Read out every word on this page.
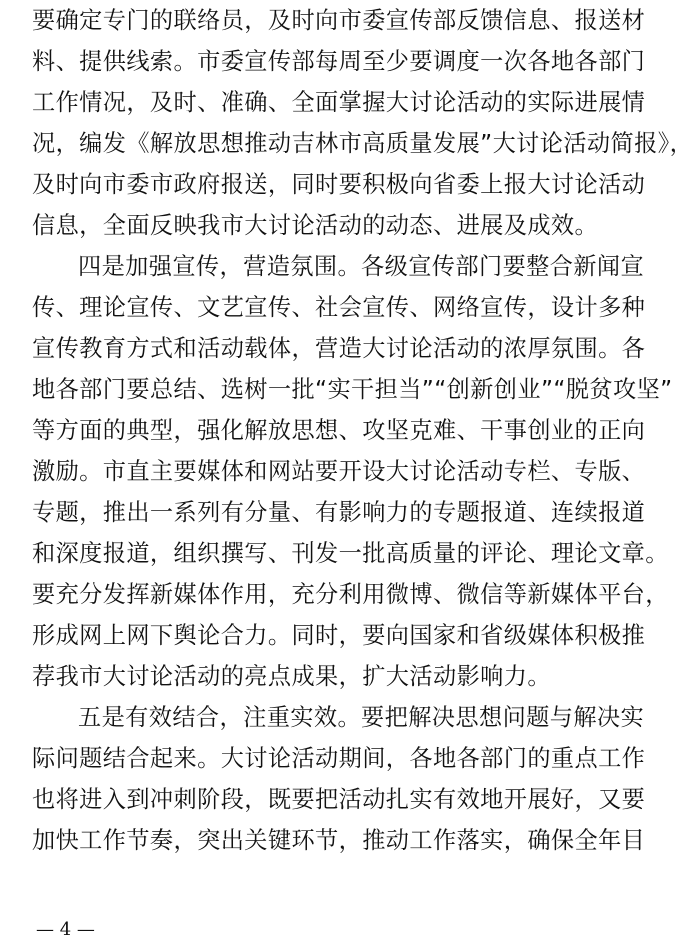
要确定专门的联络员，及时向市委宣传部反馈信息、报送材
料、提供线索。市委宣传部每周至少要调度一次各地各部门
工作情况，及时、准确、全面掌握大讨论活动的实际进展情
况，编发《解放思想推动吉林市高质量发展”大讨论活动简报》，
及时向市委市政府报送，同时要积极向省委上报大讨论活动
信息，全面反映我市大讨论活动的动态、进展及成效。
四是加强宣传，营造氛围。各级宣传部门要整合新闻宣
传、理论宣传、文艺宣传、社会宣传、网络宣传，设计多种
宣传教育方式和活动载体，营造大讨论活动的浓厚氛围。各
地各部门要总结、选树一批“实干担当”“创新创业”“脱贫攻坚”
等方面的典型，强化解放思想、攻坚克难、干事创业的正向
激励。市直主要媒体和网站要开设大讨论活动专栏、专版、
专题，推出一系列有分量、有影响力的专题报道、连续报道
和深度报道，组织撰写、刊发一批高质量的评论、理论文章。
要充分发挥新媒体作用，充分利用微博、微信等新媒体平台，
形成网上网下舆论合力。同时，要向国家和省级媒体积极推
荐我市大讨论活动的亮点成果，扩大活动影响力。
五是有效结合，注重实效。要把解决思想问题与解决实
际问题结合起来。大讨论活动期间，各地各部门的重点工作
也将进入到冲刺阶段，既要把活动扎实有效地开展好，又要
加快工作节奏，突出关键环节，推动工作落实，确保全年目
— 4 —
